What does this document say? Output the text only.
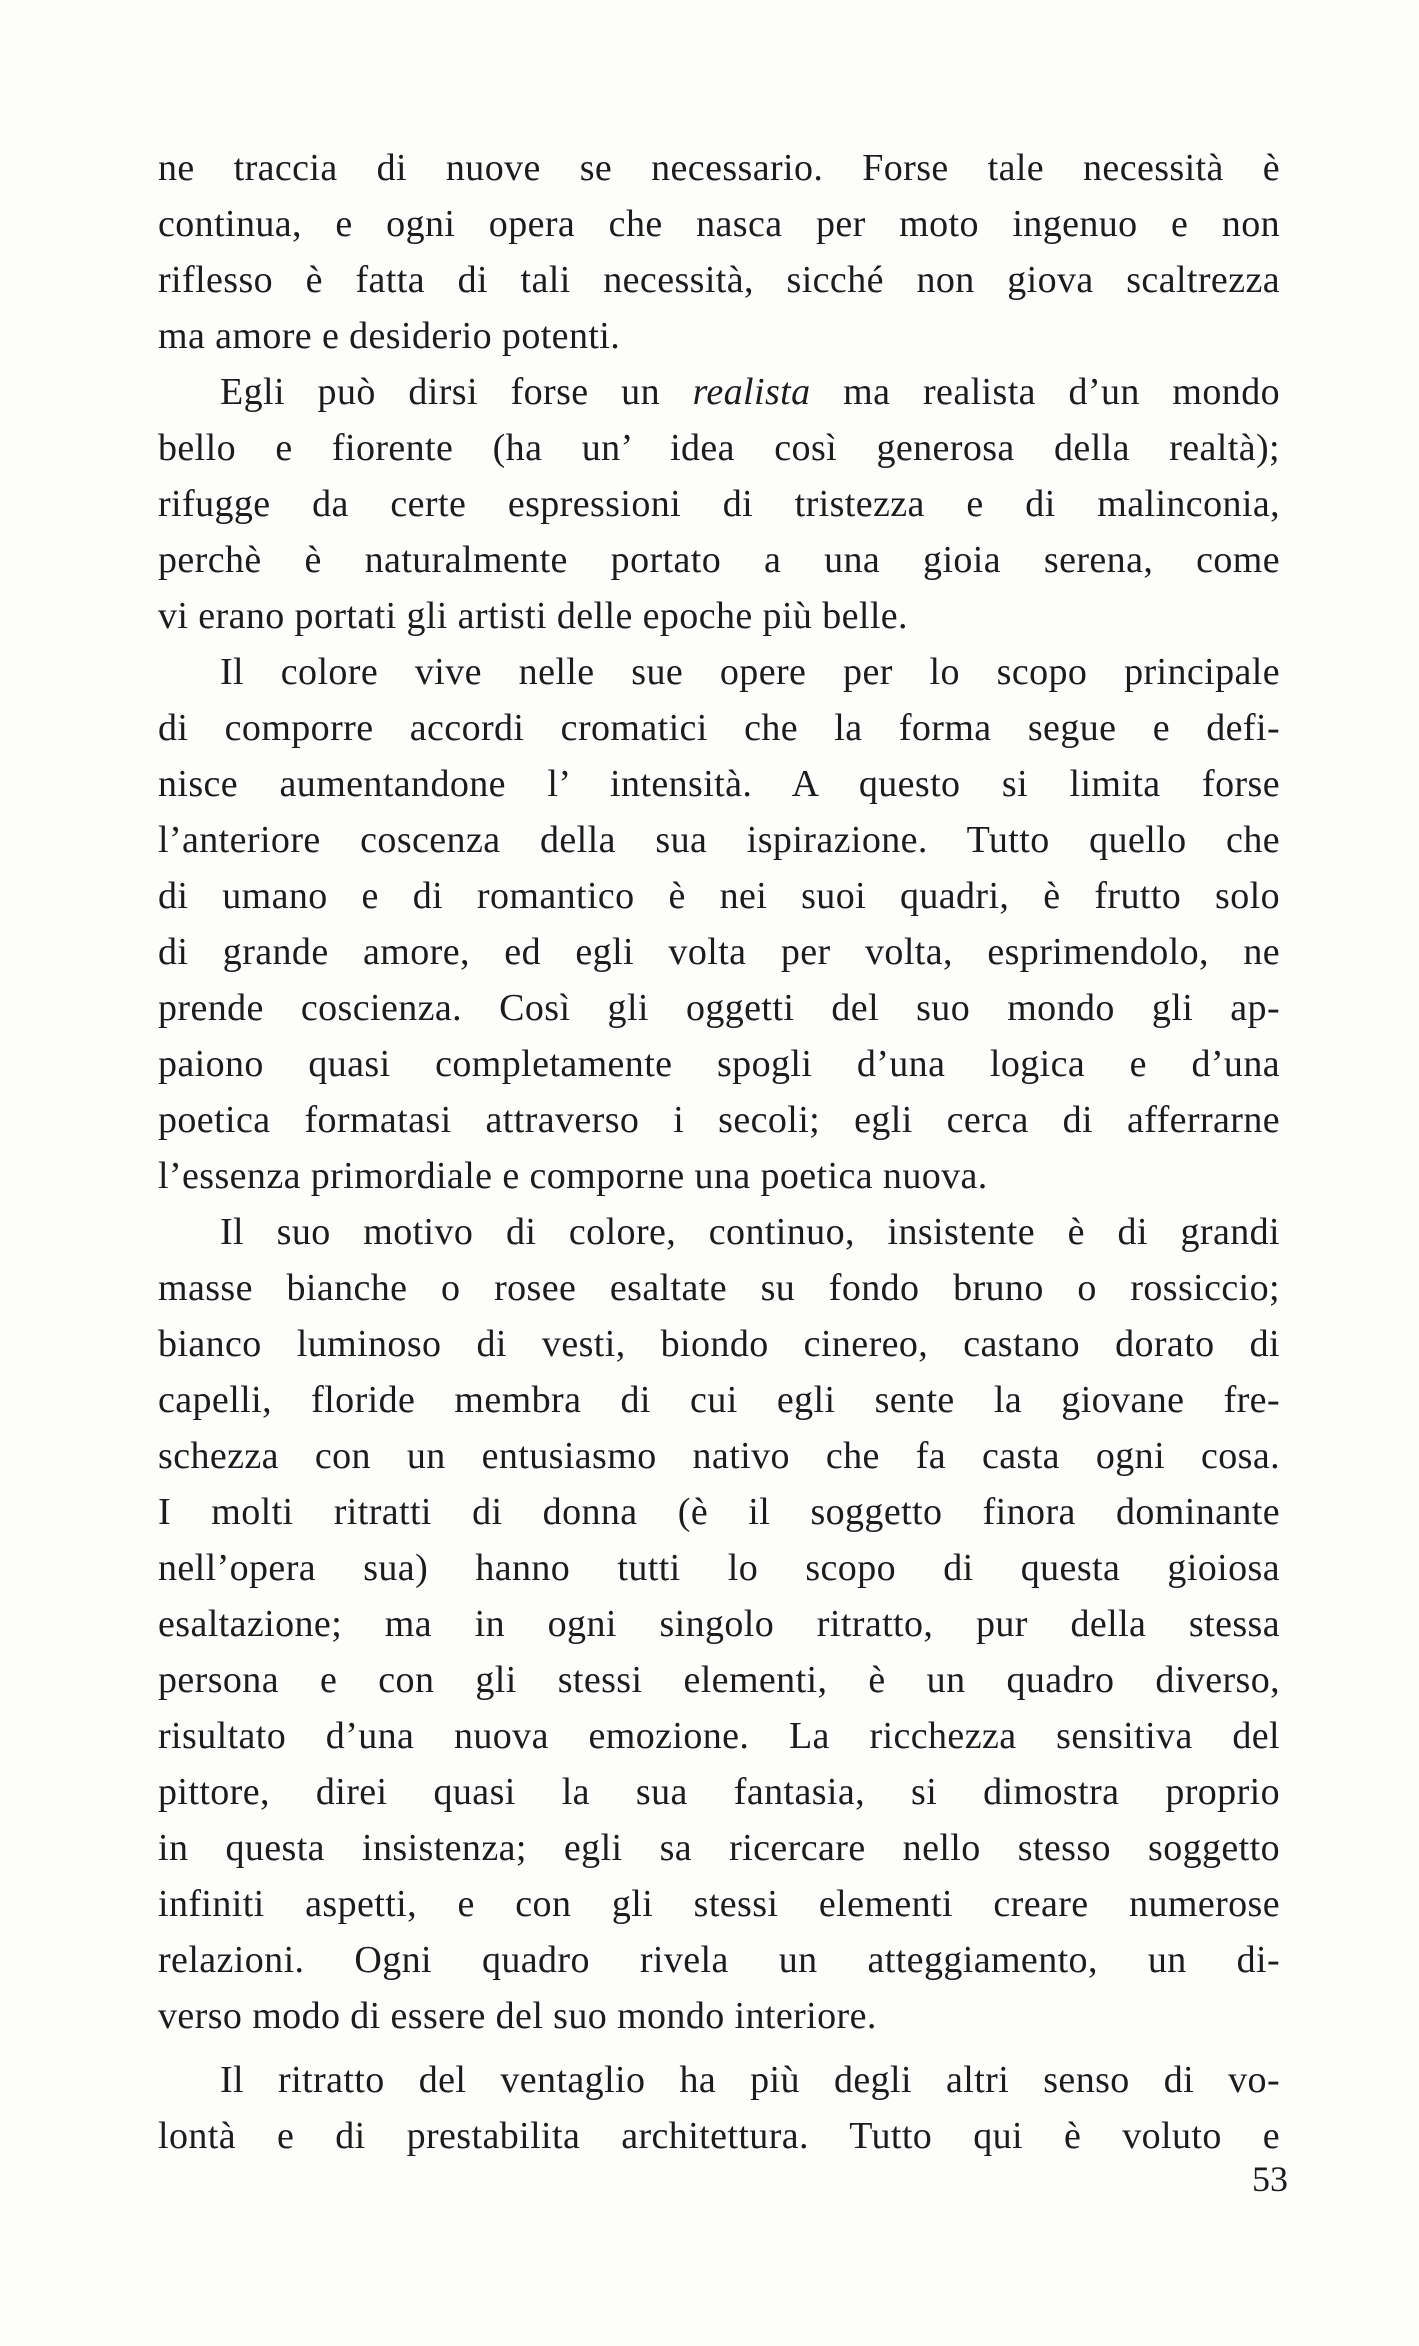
ne traccia di nuove se necessario. Forse tale necessità è
continua, e ogni opera che nasca per moto ingenuo e non
riflesso è fatta di tali necessità, sicché non giova scaltrezza
ma amore e desiderio potenti.
Egli può dirsi forse un realista ma realista d’un mondo
bello e fiorente (ha un’ idea così generosa della realtà);
rifugge da certe espressioni di tristezza e di malinconia,
perchè è naturalmente portato a una gioia serena, come
vi erano portati gli artisti delle epoche più belle.
Il colore vive nelle sue opere per lo scopo principale
di comporre accordi cromatici che la forma segue e defi-
nisce aumentandone l’ intensità. A questo si limita forse
l’anteriore coscenza della sua ispirazione. Tutto quello che
di umano e di romantico è nei suoi quadri, è frutto solo
di grande amore, ed egli volta per volta, esprimendolo, ne
prende coscienza. Così gli oggetti del suo mondo gli ap-
paiono quasi completamente spogli d’una logica e d’una
poetica formatasi attraverso i secoli; egli cerca di afferrarne
l’essenza primordiale e comporne una poetica nuova.
Il suo motivo di colore, continuo, insistente è di grandi
masse bianche o rosee esaltate su fondo bruno o rossiccio;
bianco luminoso di vesti, biondo cinereo, castano dorato di
capelli, floride membra di cui egli sente la giovane fre-
schezza con un entusiasmo nativo che fa casta ogni cosa.
I molti ritratti di donna (è il soggetto finora dominante
nell’opera sua) hanno tutti lo scopo di questa gioiosa
esaltazione; ma in ogni singolo ritratto, pur della stessa
persona e con gli stessi elementi, è un quadro diverso,
risultato d’una nuova emozione. La ricchezza sensitiva del
pittore, direi quasi la sua fantasia, si dimostra proprio
in questa insistenza; egli sa ricercare nello stesso soggetto
infiniti aspetti, e con gli stessi elementi creare numerose
relazioni. Ogni quadro rivela un atteggiamento, un di-
verso modo di essere del suo mondo interiore.
Il ritratto del ventaglio ha più degli altri senso di vo-
lontà e di prestabilita architettura. Tutto qui è voluto e
53
